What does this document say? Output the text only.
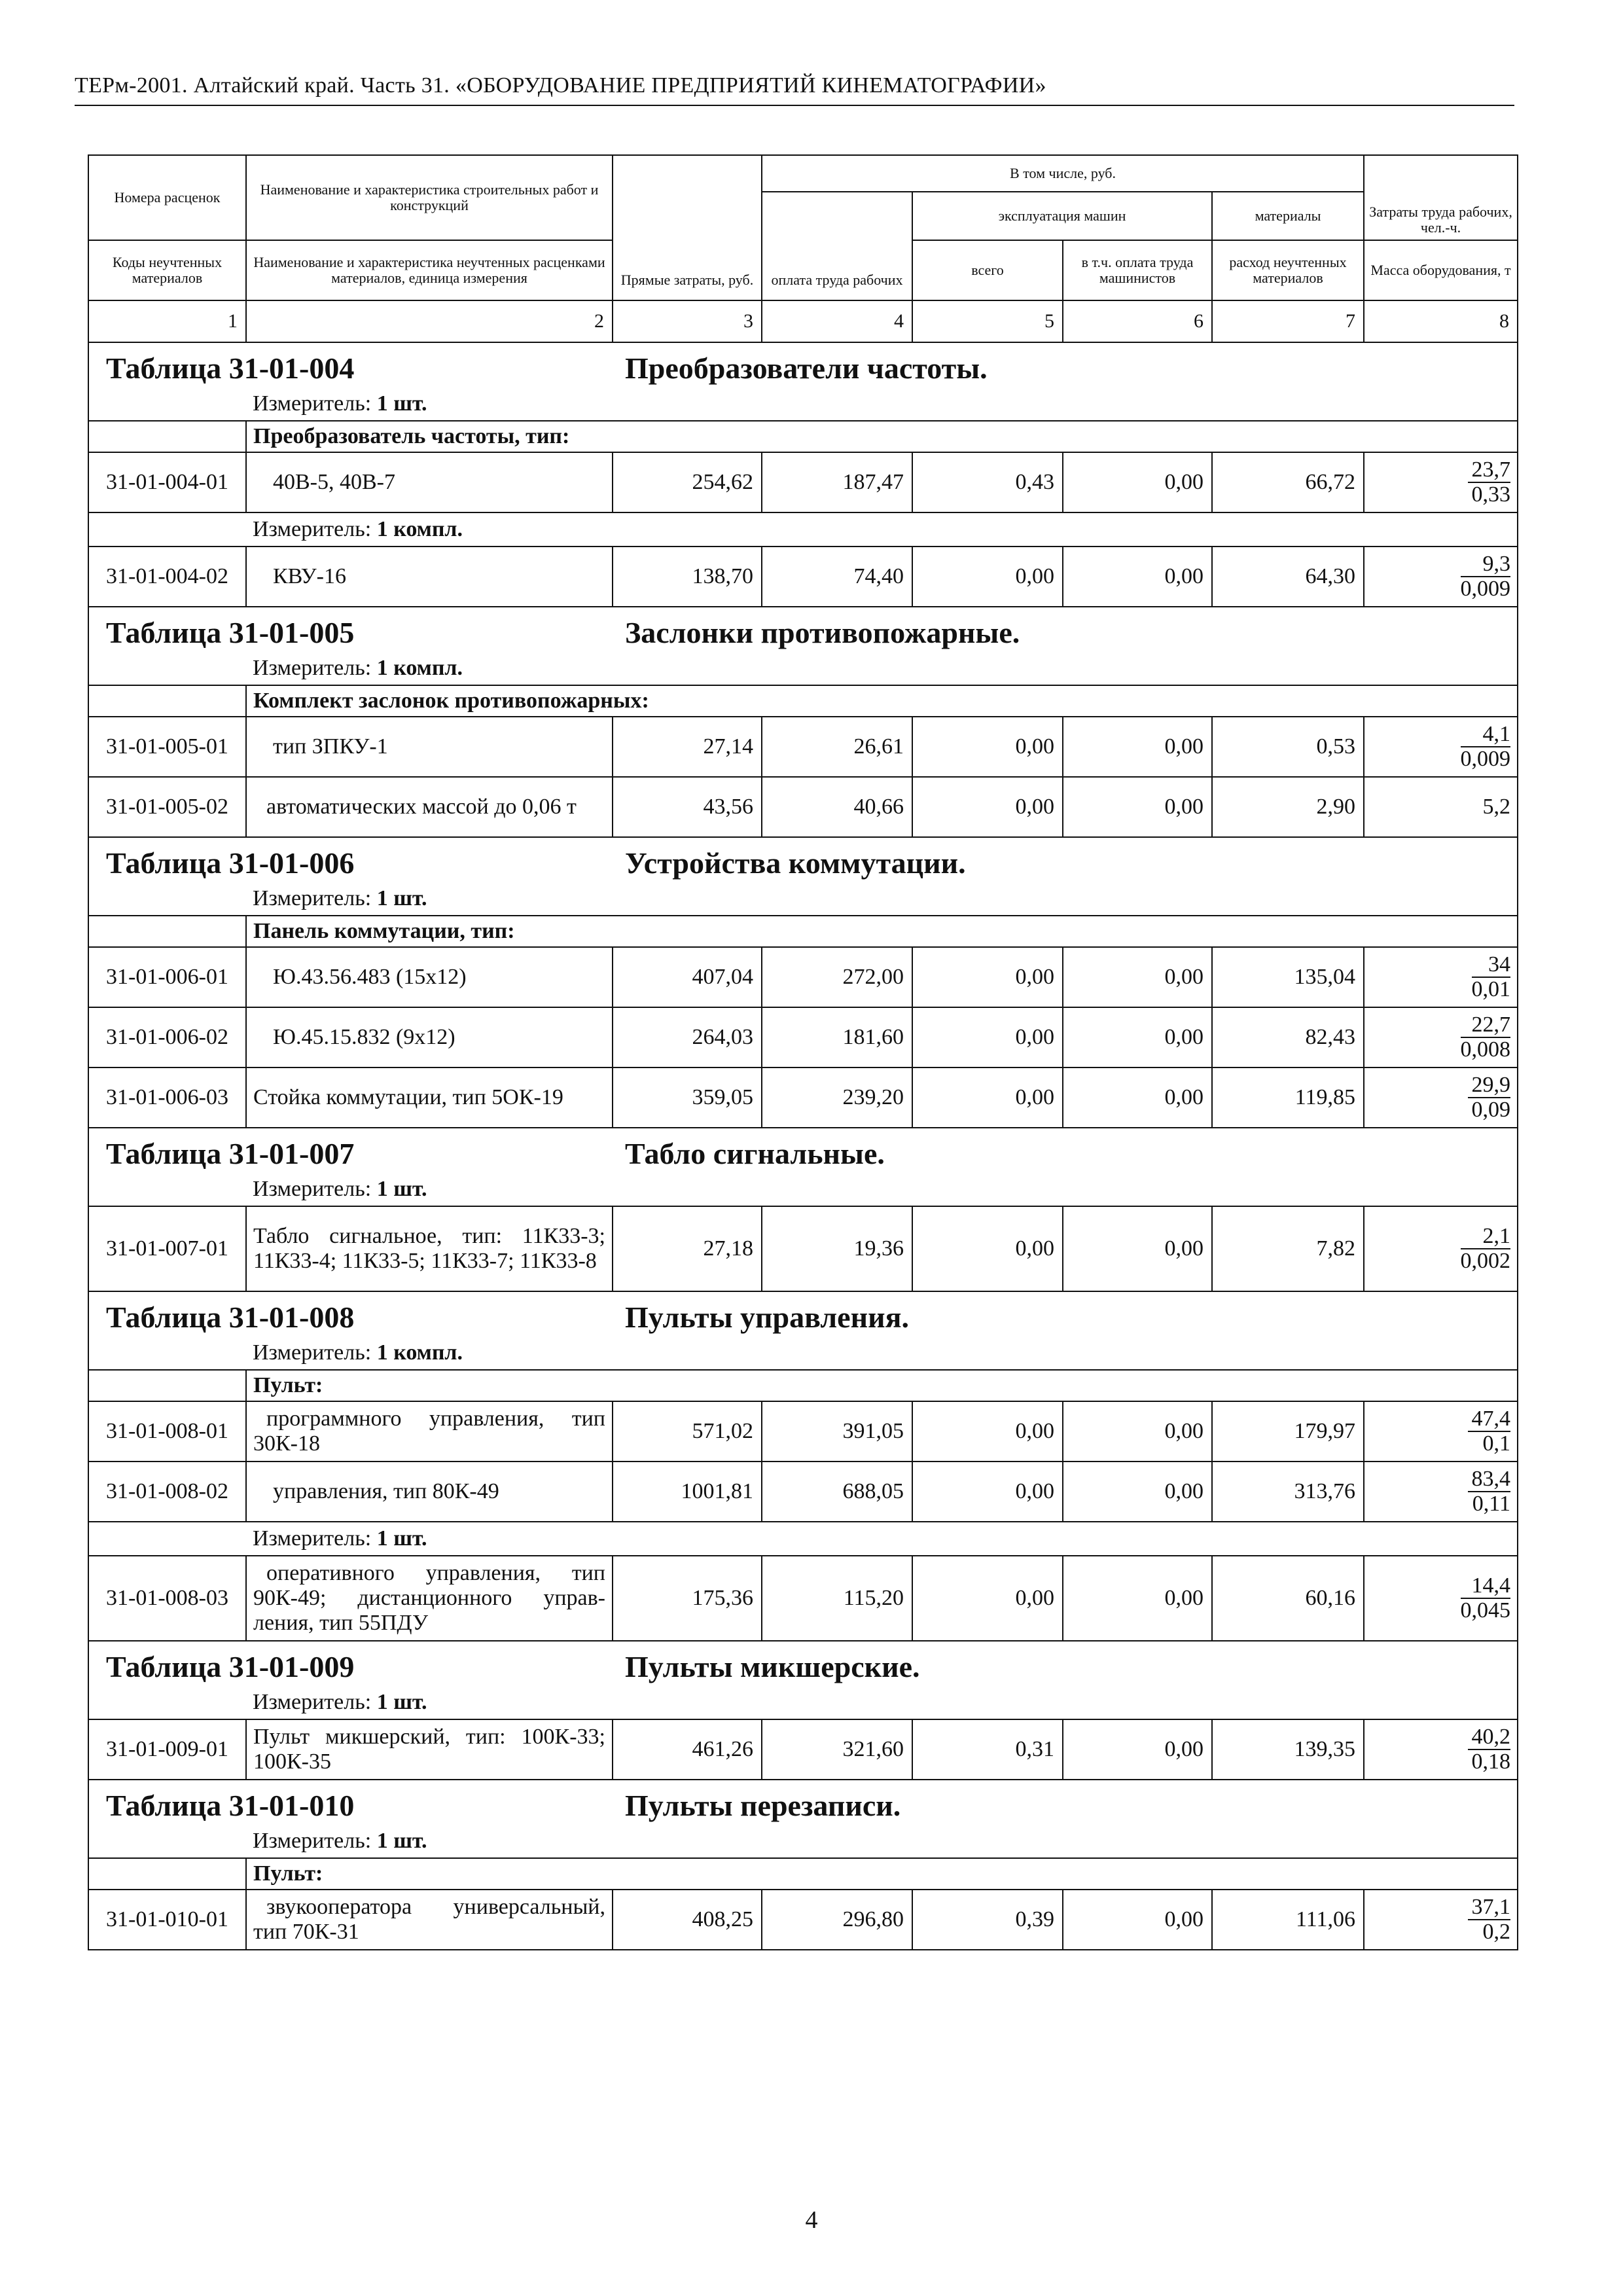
ТЕРм-2001. Алтайский край. Часть 31. «ОБОРУДОВАНИЕ ПРЕДПРИЯТИЙ КИНЕМАТОГРАФИИ»
Номера расценок	Наименование и характеристика строительных работ и конструкций	Прямые затраты, руб.	В том числе, руб.				Затраты труда рабочих, чел.-ч.
			оплата труда рабочих	эксплуатация машин		материалы	
Коды неучтенных материалов	Наименование и характеристика неучтенных расценками материалов, единица измерения			всего	в т.ч. оплата труда машинистов	расход неучтенных материалов	Масса оборудования, т

1	2	3	4	5	6	7	8

Таблица 31-01-004 Преобразователи частоты.							

	Измеритель: 1 шт.						
	Преобразователь частоты, тип:						
31-01-004-01	40В-5, 40В-7	254,62	187,47	0,43	0,00	66,72	$\frac{23,7}{0,33}$

	Измеритель: 1 компл.						
31-01-004-02	КВУ-16	138,70	74,40	0,00	0,00	64,30	$\frac{9,3}{0,009}$

Таблица 31-01-005 Заслонки противопожарные.							

	Измеритель: 1 компл.						
	Комплект заслонок противопожарных:						
31-01-005-01	тип ЗПКУ-1	27,14	26,61	0,00	0,00	0,53	$\frac{4,1}{0,009}$

31-01-005-02	автоматических массой до 0,06 т	43,56	40,66	0,00	0,00	2,90	5,2

Таблица 31-01-006 Устройства коммутации.							

	Измеритель: 1 шт.						
	Панель коммутации, тип:						
31-01-006-01	Ю.43.56.483 (15х12)	407,04	272,00	0,00	0,00	135,04	$\frac{34}{0,01}$

31-01-006-02	Ю.45.15.832 (9х12)	264,03	181,60	0,00	0,00	82,43	$\frac{22,7}{0,008}$

31-01-006-03	Стойка коммутации, тип 5ОК-19	359,05	239,20	0,00	0,00	119,85	$\frac{29,9}{0,09}$

Таблица 31-01-007 Табло сигнальные.							

	Измеритель: 1 шт.						
31-01-007-01	Табло сигнальное, тип: 11К33-3; 11К33-4; 11К33-5; 11К33-7; 11К33-8	27,18	19,36	0,00	0,00	7,82	$\frac{2,1}{0,002}$

Таблица 31-01-008 Пульты управления.							

	Измеритель: 1 компл.						
	Пульт:						
31-01-008-01	программного управления, тип 30К-18	571,02	391,05	0,00	0,00	179,97	$\frac{47,4}{0,1}$

31-01-008-02	управления, тип 80К-49	1001,81	688,05	0,00	0,00	313,76	$\frac{83,4}{0,11}$

	Измеритель: 1 шт.						
31-01-008-03	оперативного управления, тип 90К-49; дистанционного управ-ления, тип 55ПДУ	175,36	115,20	0,00	0,00	60,16	$\frac{14,4}{0,045}$

Таблица 31-01-009 Пульты микшерские.							

	Измеритель: 1 шт.						
31-01-009-01	Пульт микшерский, тип: 100К-33; 100К-35	461,26	321,60	0,31	0,00	139,35	$\frac{40,2}{0,18}$

Таблица 31-01-010 Пульты перезаписи.							

	Измеритель: 1 шт.						
	Пульт:						
31-01-010-01	звукооператора универсальный, тип 70К-31	408,25	296,80	0,39	0,00	111,06	$\frac{37,1}{0,2}$
4
